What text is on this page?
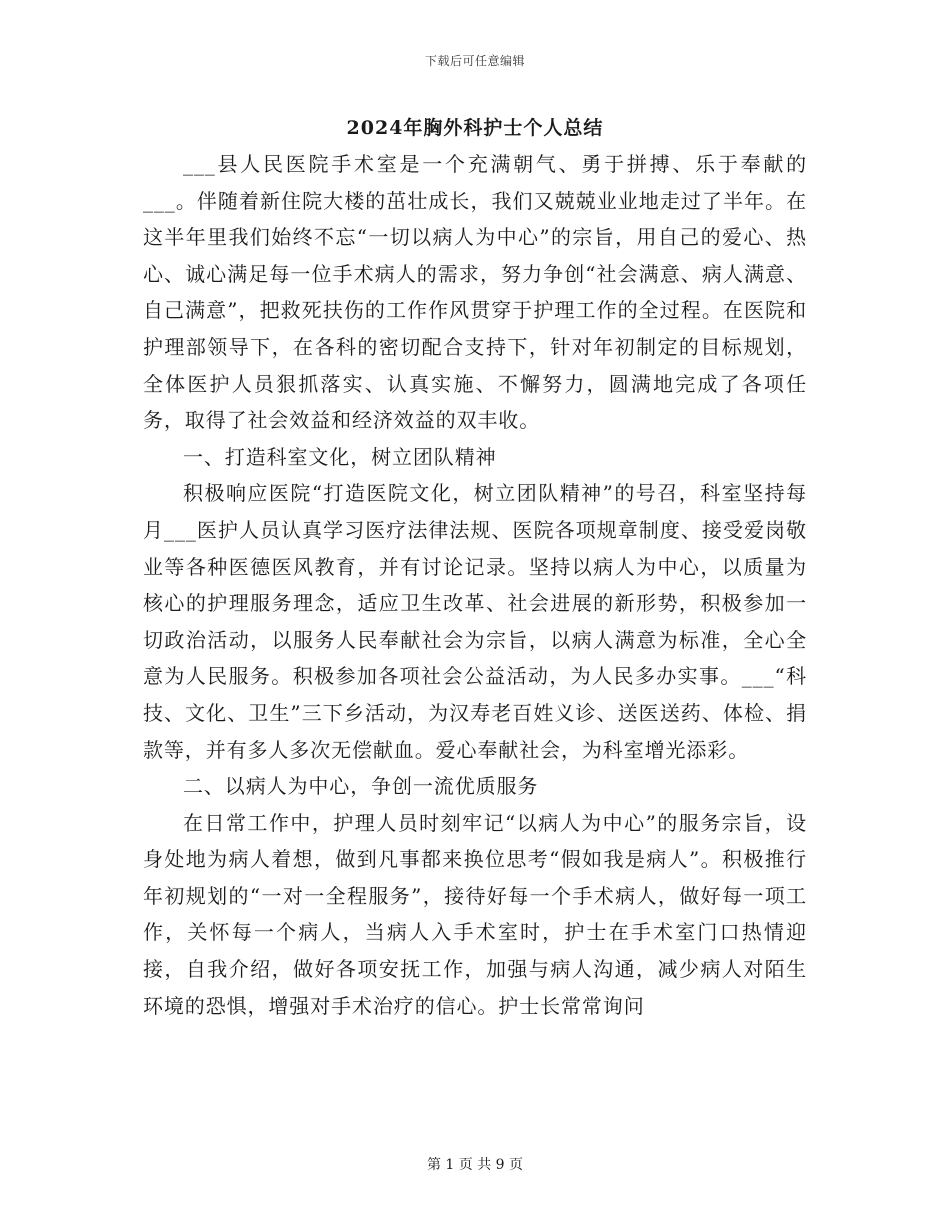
下载后可任意编辑
2024年胸外科护士个人总结

___县人民医院手术室是一个充满朝气、勇于拼搏、乐于奉献的___。伴随着新住院大楼的茁壮成长，我们又兢兢业业地走过了半年。在这半年里我们始终不忘“一切以病人为中心”的宗旨，用自己的爱心、热心、诚心满足每一位手术病人的需求，努力争创“社会满意、病人满意、自己满意”，把救死扶伤的工作作风贯穿于护理工作的全过程。在医院和护理部领导下，在各科的密切配合支持下，针对年初制定的目标规划，全体医护人员狠抓落实、认真实施、不懈努力，圆满地完成了各项任务，取得了社会效益和经济效益的双丰收。

一、打造科室文化，树立团队精神

积极响应医院“打造医院文化，树立团队精神”的号召，科室坚持每月___医护人员认真学习医疗法律法规、医院各项规章制度、接受爱岗敬业等各种医德医风教育，并有讨论记录。坚持以病人为中心，以质量为核心的护理服务理念，适应卫生改革、社会进展的新形势，积极参加一切政治活动，以服务人民奉献社会为宗旨，以病人满意为标准，全心全意为人民服务。积极参加各项社会公益活动，为人民多办实事。___“科技、文化、卫生”三下乡活动，为汉寿老百姓义诊、送医送药、体检、捐款等，并有多人多次无偿献血。爱心奉献社会，为科室增光添彩。

二、以病人为中心，争创一流优质服务

在日常工作中，护理人员时刻牢记“以病人为中心”的服务宗旨，设身处地为病人着想，做到凡事都来换位思考“假如我是病人”。积极推行年初规划的“一对一全程服务”，接待好每一个手术病人，做好每一项工作，关怀每一个病人，当病人入手术室时，护士在手术室门口热情迎接，自我介绍，做好各项安抚工作，加强与病人沟通，减少病人对陌生环境的恐惧，增强对手术治疗的信心。护士长常常询问

第 1 页 共 9 页
